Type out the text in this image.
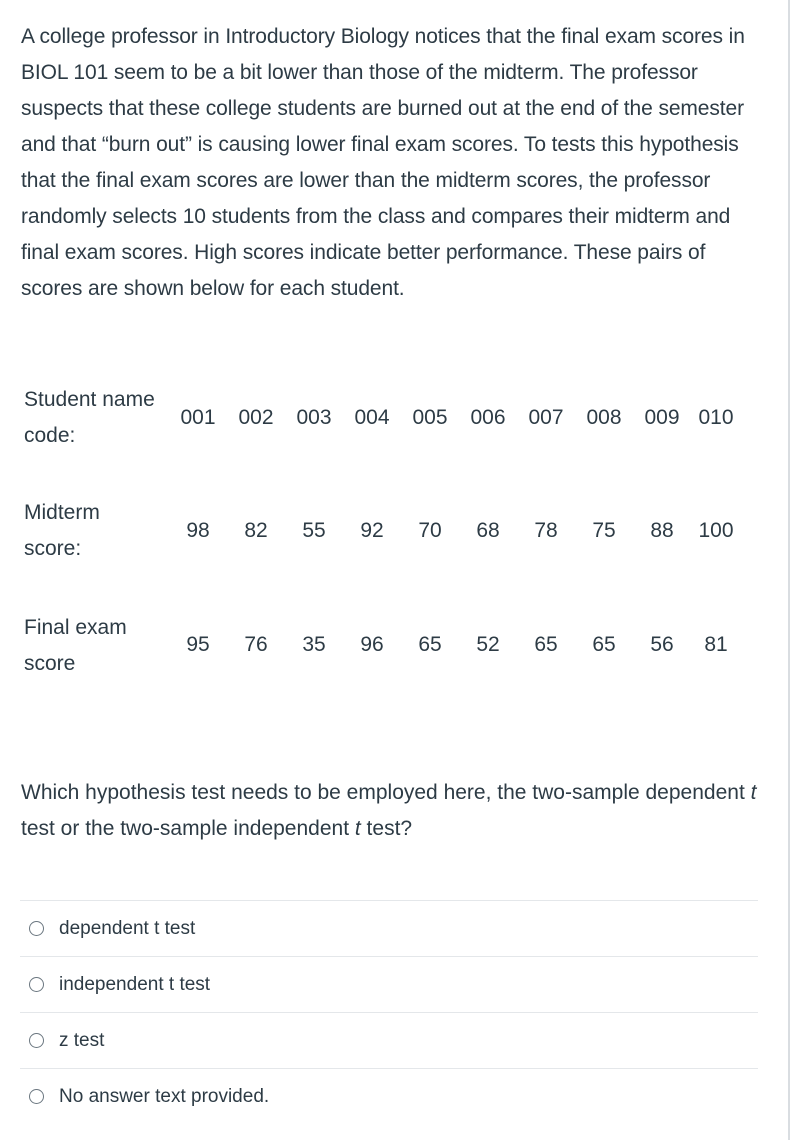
A college professor in Introductory Biology notices that the final exam scores in BIOL 101 seem to be a bit lower than those of the midterm. The professor suspects that these college students are burned out at the end of the semester and that “burn out” is causing lower final exam scores. To tests this hypothesis that the final exam scores are lower than the midterm scores, the professor randomly selects 10 students from the class and compares their midterm and final exam scores. High scores indicate better performance. These pairs of scores are shown below for each student.

Student name
code:

001	002	003	004	005	006	007	008	009 010

Midterm
score:

98	82	55	92	70	68	78	75	88	100

Final exam
score

95	76	35	96	65	52	65	65	56	81

Which hypothesis test needs to be employed here, the two-sample dependent t test or the two-sample independent t test?

dependent t test
independent t test
z test
No answer text provided.
